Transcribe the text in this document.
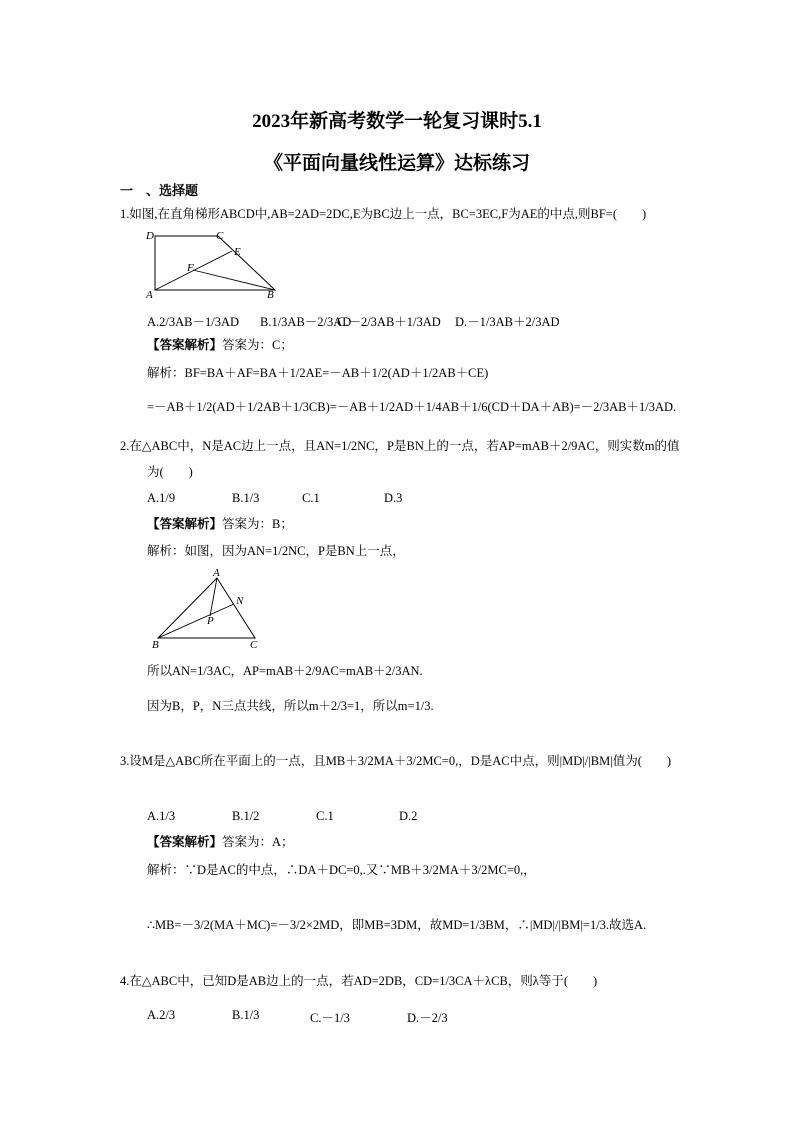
2023年新高考数学一轮复习课时5.1
《平面向量线性运算》达标练习
一　、选择题
1.如图,在直角梯形ABCD中,AB=2AD=2DC,E为BC边上一点，BC=3EC,F为AE的中点,则BF=(　　)
D	C
E
F
A	B
A.2/3AB－1/3AD B.1/3AB－2/3AD
C.－2/3AB＋1/3AD D.－1/3AB＋2/3AD
【答案解析】答案为：C；
解析：BF=BA＋AF=BA＋1/2AE=－AB＋1/2(AD＋1/2AB＋CE)
=－AB＋1/2(AD＋1/2AB＋1/3CB)=－AB＋1/2AD＋1/4AB＋1/6(CD＋DA＋AB)=－2/3AB＋1/3AD.
2.在△ABC中，N是AC边上一点，且AN=1/2NC，P是BN上的一点，若AP=mAB＋2/9AC，则实数m的值
为(　　)
A.1/9	B.1/3	C.1	D.3
【答案解析】答案为：B；
解析：如图，因为AN=1/2NC，P是BN上一点，
A
N
P
B	C
所以AN=1/3AC，AP=mAB＋2/9AC=mAB＋2/3AN.
因为B，P，N三点共线，所以m＋2/3=1，所以m=1/3.
3.设M是△ABC所在平面上的一点，且MB＋3/2MA＋3/2MC=0,，D是AC中点，则|MD|/|BM|值为(　　)
A.1/3	B.1/2	C.1	D.2
【答案解析】答案为：A；
解析：∵D是AC的中点，∴DA＋DC=0,.又∵MB＋3/2MA＋3/2MC=0,，
∴MB=－3/2(MA＋MC)=－3/2×2MD，即MB=3DM，故MD=1/3BM，∴|MD|/|BM|=1/3.故选A.
4.在△ABC中，已知D是AB边上的一点，若AD=2DB，CD=1/3CA＋λCB，则λ等于(　　)
A.2/3	B.1/3	C.－1/3	D.－2/3
